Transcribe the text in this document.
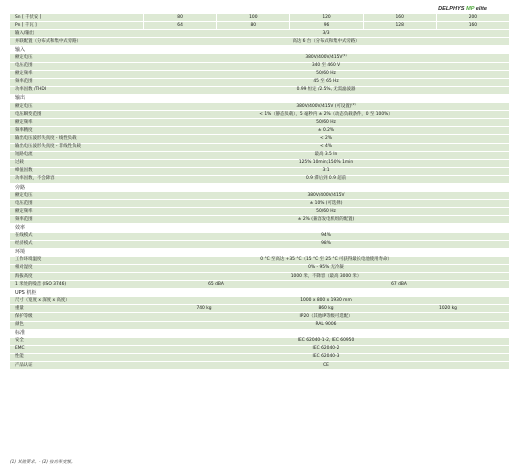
DELPHYS MP elite
Sn [ 千伏安 ]	80	100	120	160	200
Pn [ 千瓦 ]	64	80	96	128	160
输入/输出	3/3
并联配置（分布式和集中式旁路）	高达 6 台（分布式和集中式旁路）
输入
额定电压	$380V/400V/415V^{(1)}$
电压范围	340 至 460 V
额定频率	50/60 Hz
频率范围	45 至 65 Hz
功率因数 /THDI	0.99 恒定 /2.5%, 无需滤波器
输出
额定电压	380V/400V/415V (可设置)$^{(2)}$
电压瞬变范围	< 1%（静态负载），5 毫秒内 ± 2%（动态负载条件，0 至 100%）
额定频率	50/60 Hz
频率精度	± 0.2%
输出电压波形失真度 - 线性负载	< 2%
输出电压波形失真度 - 非线性负载	< 4%
短路电流	最高 3.5 In
过载	125% 10min;150% 1min
峰值因数	3:1
功率因数，不会降容	0.9 滞后到 0.9 超前
旁路
额定电压	380V/400V/415V
电压范围	± 10% (可选择)
额定频率	50/60 Hz
频率范围	± 2% (兼容发电机组的配置)
效率
在线模式	94%
经济模式	98%
环境
工作环境温度	0 °C 至高达 +35 °C（15 °C 至 25 °C 可获得最长电池使用寿命）
相对湿度	0% - 95% 无冷凝
海拔高度	1000 米，不降容（最高 3000 米）
1 米处的噪音 (ISO 3746)	65 dBA	67 dBA
UPS 机柜
尺寸（宽度 x 深度 x 高度）	1000 x 800 x 1930 mm
重量	740 kg	860 kg	1020 kg
保护等级	IP20（其他IP等级可选配）
颜色	RAL 9006
标准
安全	IEC 62040-1-2, IEC 60950
EMC	IEC 62040-2
性能	IEC 62040-3
产品认证	CE
(1) 其他要求。- (2) 按功率变频。
